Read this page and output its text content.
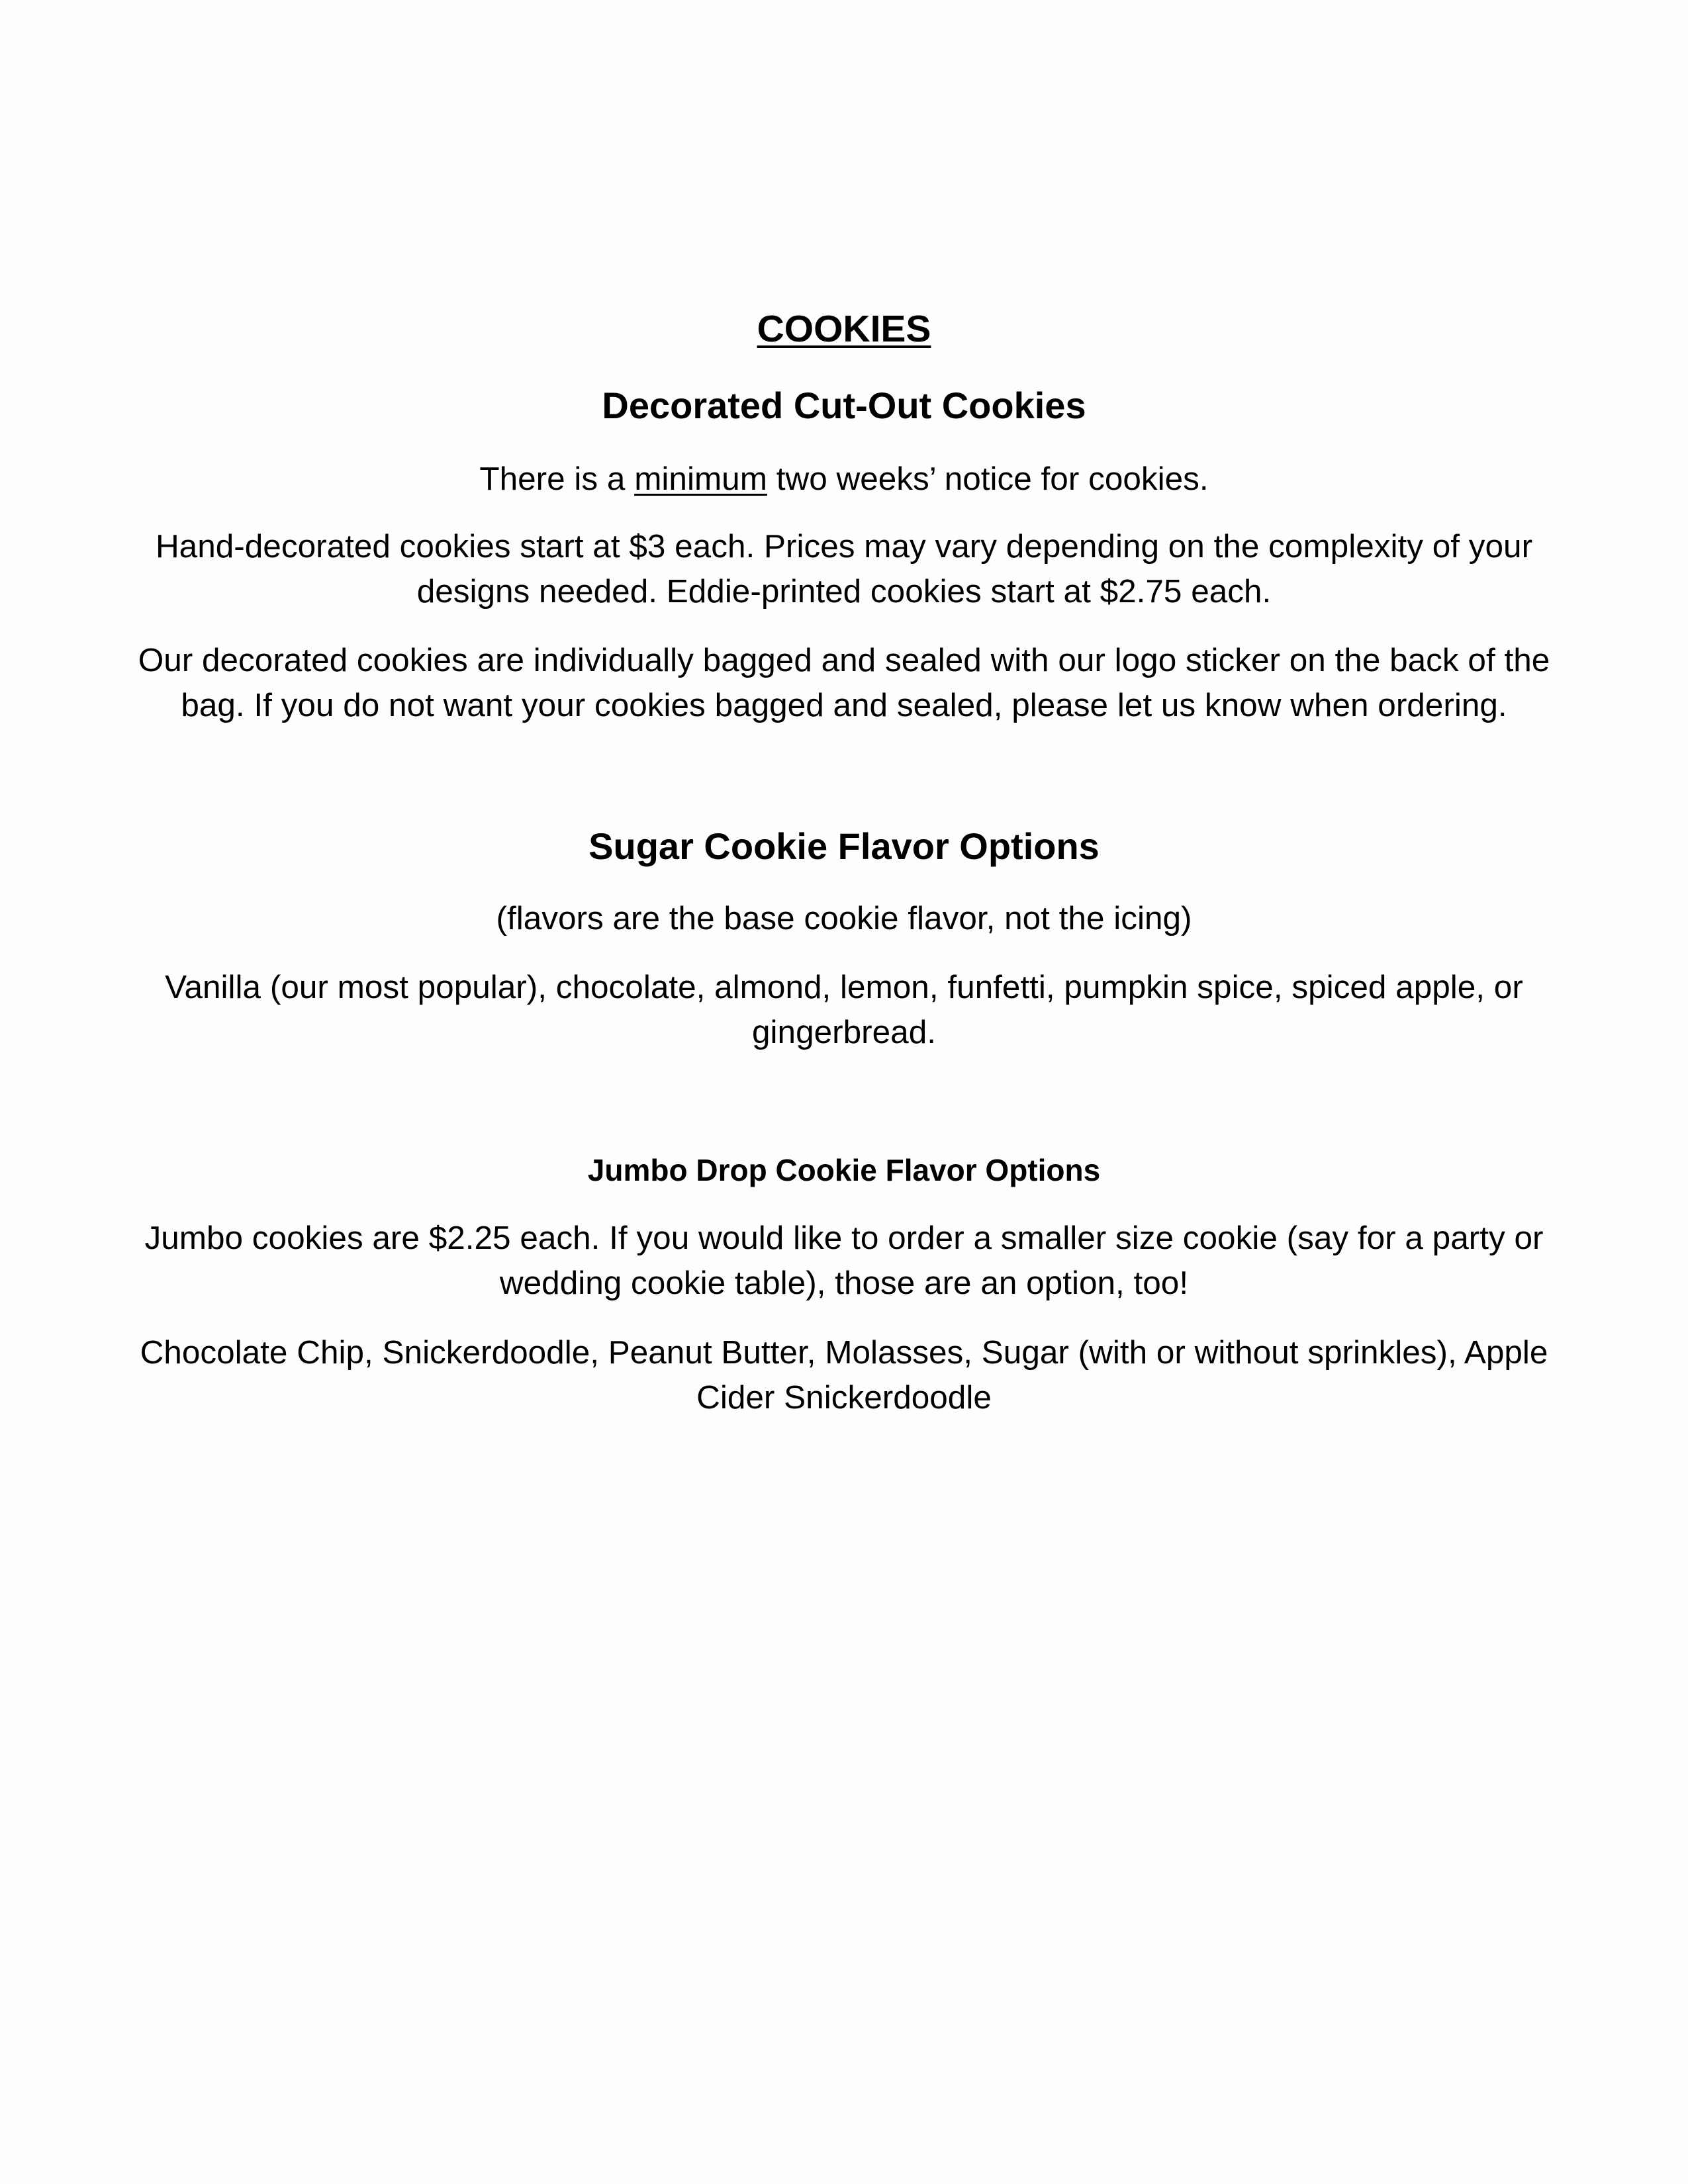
COOKIES
Decorated Cut-Out Cookies

There is a minimum two weeks’ notice for cookies.

Hand-decorated cookies start at $3 each. Prices may vary depending on the complexity of your designs needed. Eddie-printed cookies start at $2.75 each.

Our decorated cookies are individually bagged and sealed with our logo sticker on the back of the bag. If you do not want your cookies bagged and sealed, please let us know when ordering.

Sugar Cookie Flavor Options

(flavors are the base cookie flavor, not the icing)

Vanilla (our most popular), chocolate, almond, lemon, funfetti, pumpkin spice, spiced apple, or gingerbread.

Jumbo Drop Cookie Flavor Options

Jumbo cookies are $2.25 each. If you would like to order a smaller size cookie (say for a party or wedding cookie table), those are an option, too!

Chocolate Chip, Snickerdoodle, Peanut Butter, Molasses, Sugar (with or without sprinkles), Apple Cider Snickerdoodle
